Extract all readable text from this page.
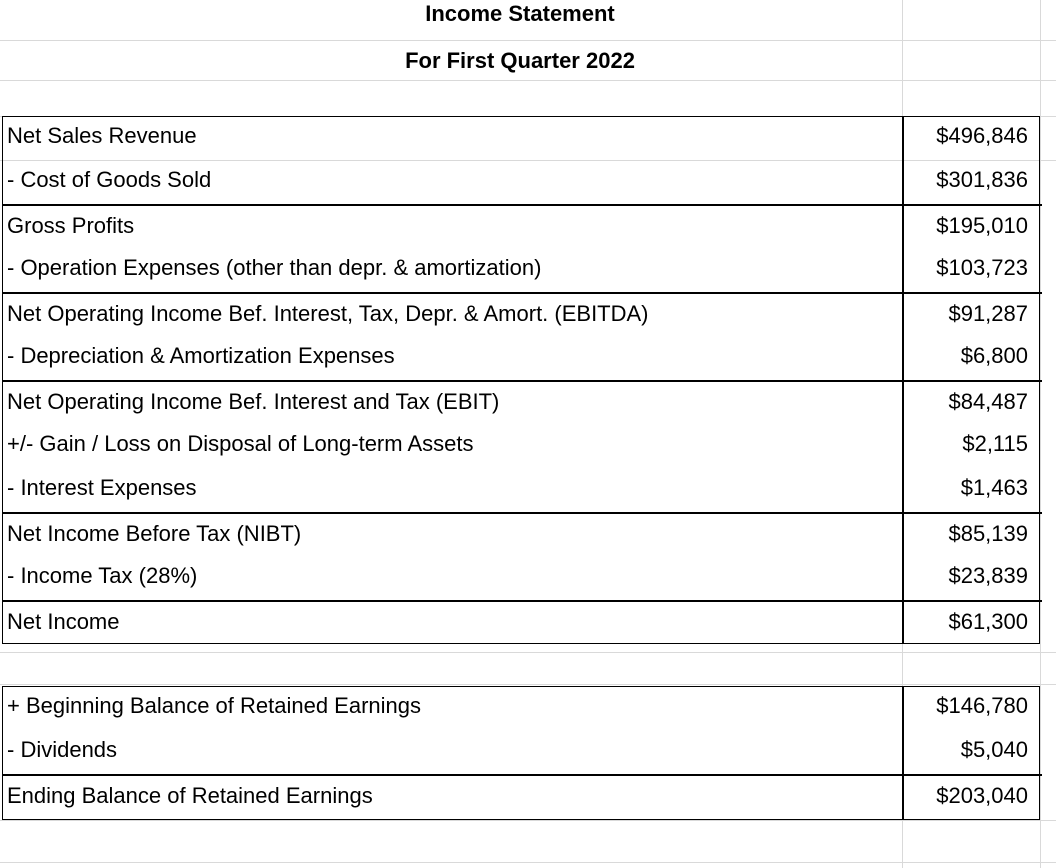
Income Statement
For First Quarter 2022
Net Sales Revenue	$496,846
- Cost of Goods Sold	$301,836
Gross Profits	$195,010
- Operation Expenses (other than depr. & amortization)	$103,723
Net Operating Income Bef. Interest, Tax, Depr. & Amort. (EBITDA)	$91,287
- Depreciation & Amortization Expenses	$6,800
Net Operating Income Bef. Interest and Tax (EBIT)	$84,487
+/- Gain / Loss on Disposal of Long-term Assets	$2,115
- Interest Expenses	$1,463
Net Income Before Tax (NIBT)	$85,139
- Income Tax (28%)	$23,839
Net Income	$61,300
+ Beginning Balance of Retained Earnings	$146,780
- Dividends	$5,040
Ending Balance of Retained Earnings	$203,040
